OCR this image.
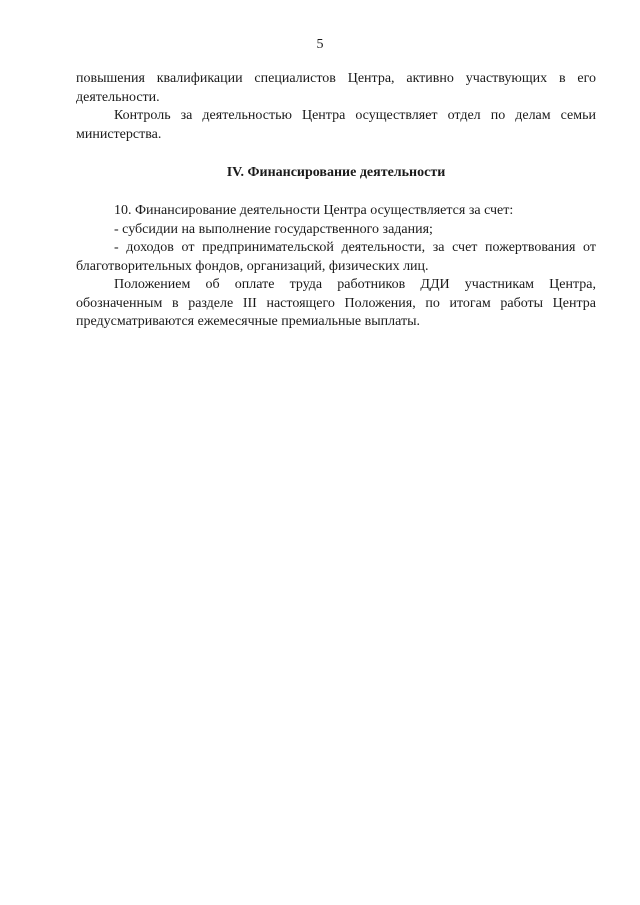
5

повышения квалификации специалистов Центра, активно участвующих в его деятельности.

Контроль за деятельностью Центра осуществляет отдел по делам семьи министерства.

IV. Финансирование деятельности

10. Финансирование деятельности Центра осуществляется за счет:

- субсидии на выполнение государственного задания;

- доходов от предпринимательской деятельности, за счет пожертвования от благотворительных фондов, организаций, физических лиц.

Положением об оплате труда работников ДДИ участникам Центра, обозначенным в разделе III настоящего Положения, по итогам работы Центра предусматриваются ежемесячные премиальные выплаты.
